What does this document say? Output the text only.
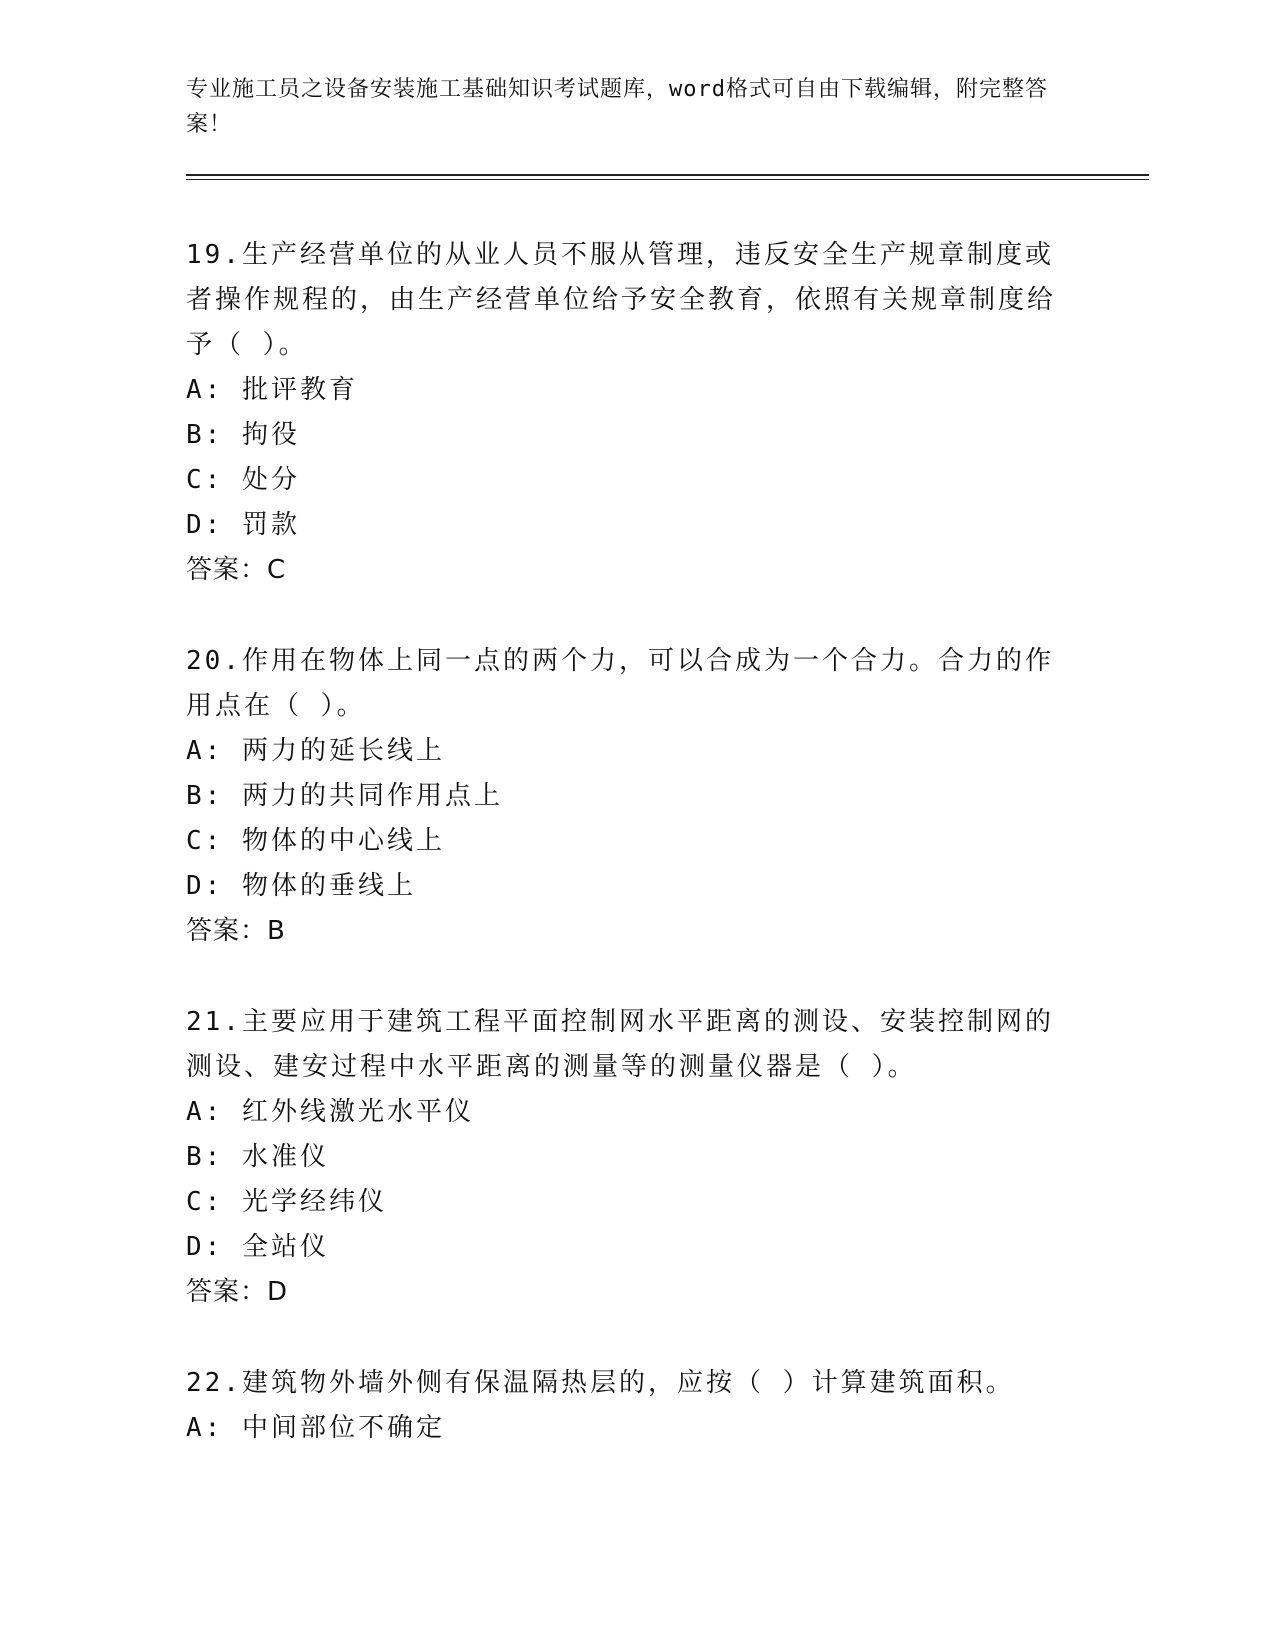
专业施工员之设备安装施工基础知识考试题库，word格式可自由下载编辑，附完整答案！
19.生产经营单位的从业人员不服从管理，违反安全生产规章制度或者操作规程的，由生产经营单位给予安全教育，依照有关规章制度给予（ ）。
A: 批评教育
B: 拘役
C: 处分
D: 罚款
答案：C
20.作用在物体上同一点的两个力，可以合成为一个合力。合力的作用点在（ ）。
A: 两力的延长线上
B: 两力的共同作用点上
C: 物体的中心线上
D: 物体的垂线上
答案：B
21.主要应用于建筑工程平面控制网水平距离的测设、安装控制网的测设、建安过程中水平距离的测量等的测量仪器是（ ）。
A: 红外线激光水平仪
B: 水准仪
C: 光学经纬仪
D: 全站仪
答案：D
22.建筑物外墙外侧有保温隔热层的，应按（ ）计算建筑面积。
A: 中间部位不确定
